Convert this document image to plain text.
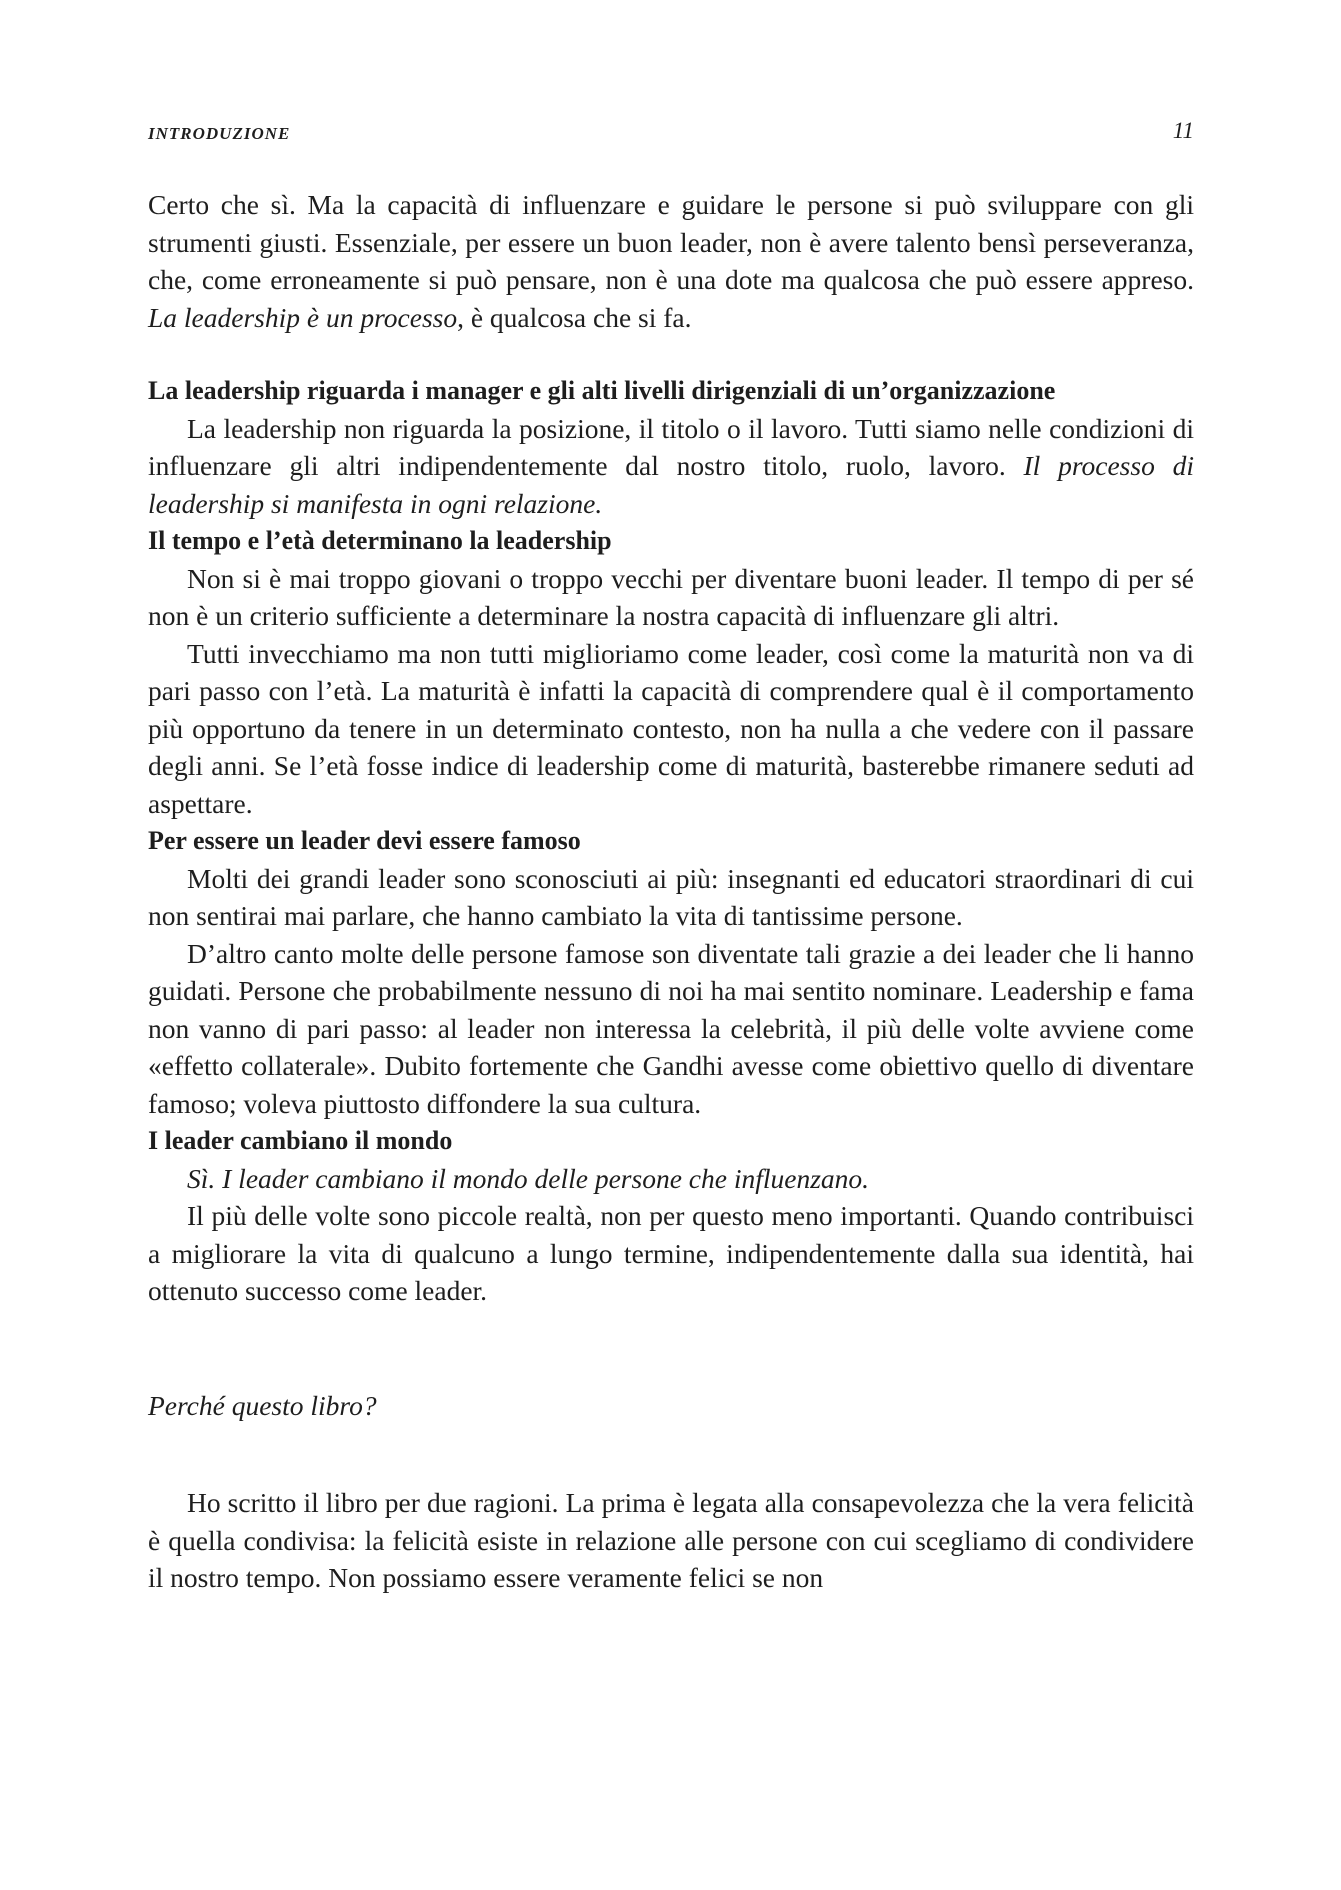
INTRODUZIONE	11

Certo che sì. Ma la capacità di influenzare e guidare le persone si può sviluppare con gli strumenti giusti. Essenziale, per essere un buon leader, non è avere talento bensì perseveranza, che, come erroneamente si può pensare, non è una dote ma qualcosa che può essere appreso. La leadership è un processo, è qualcosa che si fa.

La leadership riguarda i manager e gli alti livelli dirigenziali di un’organizzazione

La leadership non riguarda la posizione, il titolo o il lavoro. Tutti siamo nelle condizioni di influenzare gli altri indipendentemente dal nostro titolo, ruolo, lavoro. Il processo di leadership si manifesta in ogni relazione.

Il tempo e l’età determinano la leadership

Non si è mai troppo giovani o troppo vecchi per diventare buoni leader. Il tempo di per sé non è un criterio sufficiente a determinare la nostra capacità di influenzare gli altri.

Tutti invecchiamo ma non tutti miglioriamo come leader, così come la maturità non va di pari passo con l’età. La maturità è infatti la capacità di comprendere qual è il comportamento più opportuno da tenere in un determinato contesto, non ha nulla a che vedere con il passare degli anni. Se l’età fosse indice di leadership come di maturità, basterebbe rimanere seduti ad aspettare.

Per essere un leader devi essere famoso

Molti dei grandi leader sono sconosciuti ai più: insegnanti ed educatori straordinari di cui non sentirai mai parlare, che hanno cambiato la vita di tantissime persone.

D’altro canto molte delle persone famose son diventate tali grazie a dei leader che li hanno guidati. Persone che probabilmente nessuno di noi ha mai sentito nominare. Leadership e fama non vanno di pari passo: al leader non interessa la celebrità, il più delle volte avviene come «effetto collaterale». Dubito fortemente che Gandhi avesse come obiettivo quello di diventare famoso; voleva piuttosto diffondere la sua cultura.

I leader cambiano il mondo

Sì. I leader cambiano il mondo delle persone che influenzano.

Il più delle volte sono piccole realtà, non per questo meno importanti. Quando contribuisci a migliorare la vita di qualcuno a lungo termine, indipendentemente dalla sua identità, hai ottenuto successo come leader.

Perché questo libro?

Ho scritto il libro per due ragioni. La prima è legata alla consapevolezza che la vera felicità è quella condivisa: la felicità esiste in relazione alle persone con cui scegliamo di condividere il nostro tempo. Non possiamo essere veramente felici se non
